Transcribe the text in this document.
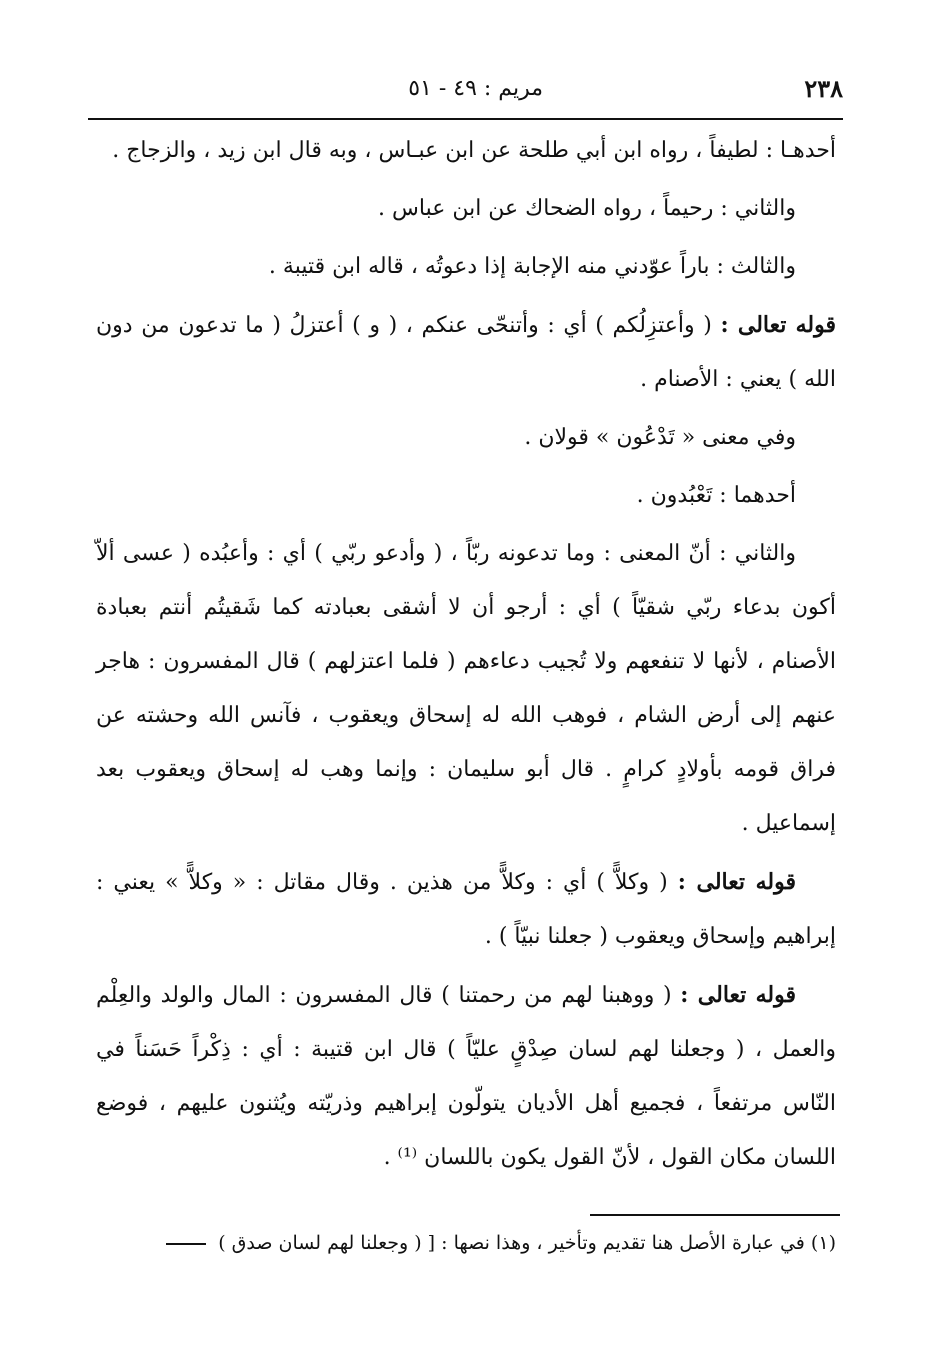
٢٣٨
مريم : ٤٩ - ٥١

أحدهـا : لطيفاً ، رواه ابن أبي طلحة عن ابن عبـاس ، وبه قال ابن زيد ، والزجاج .

والثاني : رحيماً ، رواه الضحاك عن ابن عباس .

والثالث : باراً عوّدني منه الإجابة إذا دعوتُه ، قاله ابن قتيبة .

قوله تعالى : ( وأعتزِلُكم ) أي : وأتنحّى عنكم ، ( و ) أعتزلُ ( ما تدعون من دون الله ) يعني : الأصنام .

وفي معنى « تَدْعُون » قولان .

أحدهما : تَعْبُدون .

والثاني : أنّ المعنى : وما تدعونه ربّاً ، ( وأدعو ربّي ) أي : وأعبُده ( عسى ألاّ أكون بدعاء ربّي شقيّاً ) أي : أرجو أن لا أشقى بعبادته كما شَقيتُم أنتم بعبادة الأصنام ، لأنها لا تنفعهم ولا تُجيب دعاءهم ( فلما اعتزلهم ) قال المفسرون : هاجر عنهم إلى أرض الشام ، فوهب الله له إسحاق ويعقوب ، فآنس الله وحشته عن فراق قومه بأولادٍ كرامٍ . قال أبو سليمان : وإنما وهب له إسحاق ويعقوب بعد إسماعيل .

قوله تعالى : ( وكلاًّ ) أي : وكلاًّ من هذين . وقال مقاتل : « وكلاًّ » يعني : إبراهيم وإسحاق ويعقوب ( جعلنا نبيّاً ) .

قوله تعالى : ( ووهبنا لهم من رحمتنا ) قال المفسرون : المال والولد والعِلْم والعمل ، ( وجعلنا لهم لسان صِدْقٍ عليّاً ) قال ابن قتيبة : أي : ذِكْراً حَسَناً في النّاس مرتفعاً ، فجميع أهل الأديان يتولّون إبراهيم وذريّته ويُثنون عليهم ، فوضع اللسان مكان القول ، لأنّ القول يكون باللسان ⁽¹⁾ .

(١) في عبارة الأصل هنا تقديم وتأخير ، وهذا نصها : [ ( وجعلنا لهم لسان صدق )
